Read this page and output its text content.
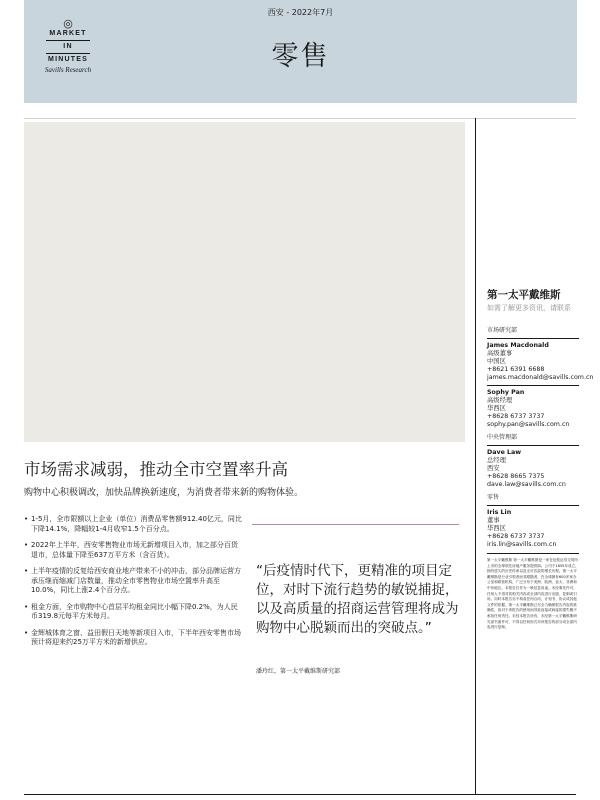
◎
MARKET
IN
MINUTES
Savills Research
西安 - 2022年7月
零售
市场需求减弱，推动全市空置率升高
购物中心积极调改，加快品牌换新速度，为消费者带来新的购物体验。
• 1-5月，全市限额以上企业（单位）消费品零售额912.40亿元，同比下降14.1%，降幅较1-4月收窄1.5个百分点。
• 2022年上半年，西安零售物业市场无新增项目入市，加之部分百货退市，总体量下降至637万平方米（含百货）。
• 上半年疫情的反复给西安商业地产带来不小的冲击，部分品牌运营方承压继而缩减门店数量，推动全市零售物业市场空置率升高至10.0%，同比上涨2.4个百分点。
• 租金方面，全市购物中心首层平均租金同比小幅下降0.2%，为人民币319.8元每平方米每月。
• 金辉城体育之窗、益田假日天地等新项目入市，下半年西安零售市场预计将迎来约25万平方米的新增供应。
“后疫情时代下，更精准的项目定位，对时下流行趋势的敏锐捕捉，以及高质量的招商运营管理将成为购物中心脱颖而出的突破点。”
潘玲红，第一太平戴维斯研究部
第一太平戴维斯
如需了解更多资讯，请联系
市场研究部
James Macdonald
高级董事
中国区
+8621 6391 6688
james.macdonald@savills.com.cn
Sophy Pan
高级经理
华西区
+8628 6737 3737
sophy.pan@savills.com.cn
中央管理部
Dave Law
总经理
西安
+8628 8665 7375
dave.law@savills.com.cn
零售
Iris Lin
董事
华西区
+8628 6737 3737
iris.lin@savills.com.cn
第一太平戴维斯 第一太平戴维斯是一家在伦敦证券交易所上市的全球领先房地产服务提供商。公司于1855年成立，拥有悠久的历史传承以及无可匹敌的增长历程。第一太平戴维斯是行业引领者而非跟随者，在全球拥有600多家办公室和联营机构，广泛分布于美洲、欧洲、亚太、非洲和中东地区。本报告仅作为一般信息用途。未经事先许可，任何人不得对其相关内容或全部内容进行出版、复制或引用。同时本报告亦不构成任何合同、计划书、协议或其他文件的依据。第一太平戴维斯已尽全力确保报告内容的准确性，但对于该报告的使用而导致直接或间接的损失概不承担任何责任。未经本报告所有，未经第一太平戴维斯研究部书面许可，不得以任何形式对该报告的部分或全部内容进行复制。
